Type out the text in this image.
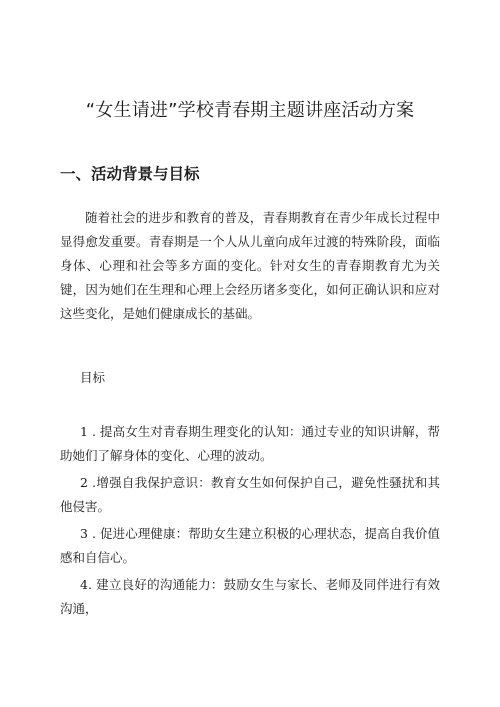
“女生请进”学校青春期主题讲座活动方案
一、活动背景与目标

随着社会的进步和教育的普及，青春期教育在青少年成长过程中显得愈发重要。青春期是一个人从儿童向成年过渡的特殊阶段，面临身体、心理和社会等多方面的变化。针对女生的青春期教育尤为关键，因为她们在生理和心理上会经历诸多变化，如何正确认识和应对这些变化，是她们健康成长的基础。

目标

1 . 提高女生对青春期生理变化的认知：通过专业的知识讲解，帮助她们了解身体的变化、心理的波动。
2 .增强自我保护意识：教育女生如何保护自己，避免性骚扰和其他侵害。
3 . 促进心理健康：帮助女生建立积极的心理状态，提高自我价值感和自信心。
4. 建立良好的沟通能力：鼓励女生与家长、老师及同伴进行有效沟通，
